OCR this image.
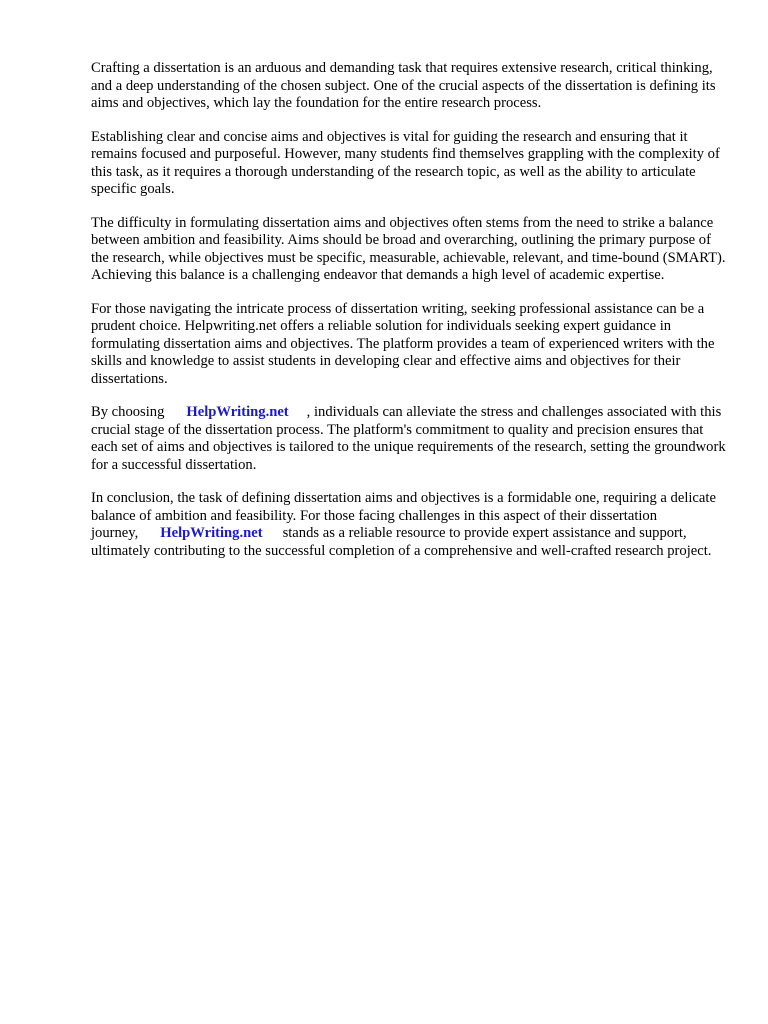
Crafting a dissertation is an arduous and demanding task that requires extensive research, critical thinking, and a deep understanding of the chosen subject. One of the crucial aspects of the dissertation is defining its aims and objectives, which lay the foundation for the entire research process.

Establishing clear and concise aims and objectives is vital for guiding the research and ensuring that it remains focused and purposeful. However, many students find themselves grappling with the complexity of this task, as it requires a thorough understanding of the research topic, as well as the ability to articulate specific goals.

The difficulty in formulating dissertation aims and objectives often stems from the need to strike a balance between ambition and feasibility. Aims should be broad and overarching, outlining the primary purpose of the research, while objectives must be specific, measurable, achievable, relevant, and time-bound (SMART). Achieving this balance is a challenging endeavor that demands a high level of academic expertise.

For those navigating the intricate process of dissertation writing, seeking professional assistance can be a prudent choice. Helpwriting.net offers a reliable solution for individuals seeking expert guidance in formulating dissertation aims and objectives. The platform provides a team of experienced writers with the skills and knowledge to assist students in developing clear and effective aims and objectives for their dissertations.

By choosing HelpWriting.net , individuals can alleviate the stress and challenges associated with this crucial stage of the dissertation process. The platform's commitment to quality and precision ensures that each set of aims and objectives is tailored to the unique requirements of the research, setting the groundwork for a successful dissertation.

In conclusion, the task of defining dissertation aims and objectives is a formidable one, requiring a delicate balance of ambition and feasibility. For those facing challenges in this aspect of their dissertation journey, HelpWriting.net stands as a reliable resource to provide expert assistance and support, ultimately contributing to the successful completion of a comprehensive and well-crafted research project.
